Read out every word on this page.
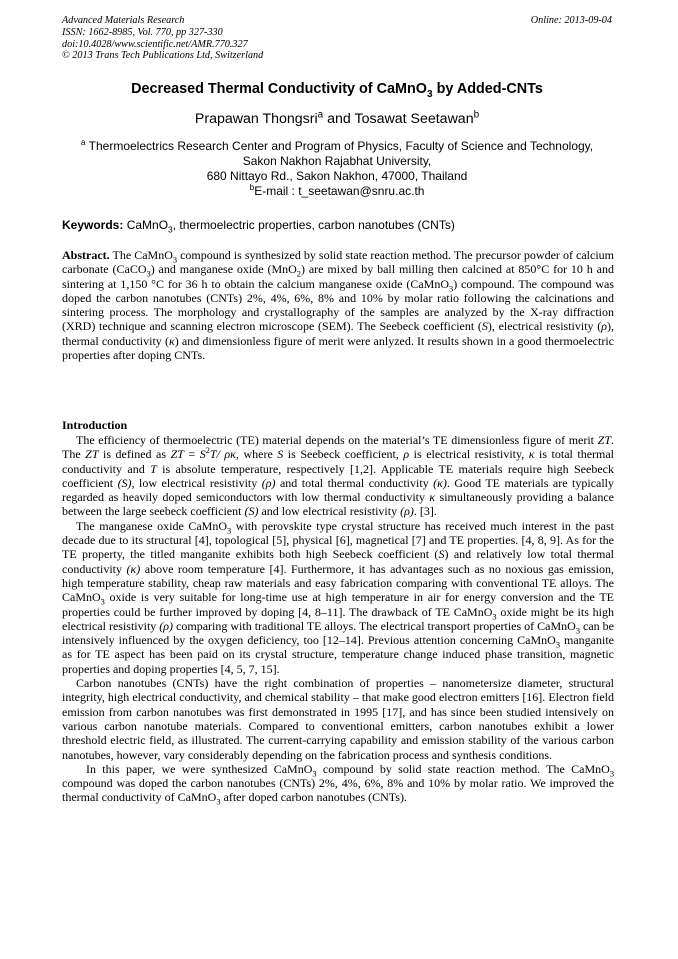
Advanced Materials Research
ISSN: 1662-8985, Vol. 770, pp 327-330
doi:10.4028/www.scientific.net/AMR.770.327
© 2013 Trans Tech Publications Ltd, Switzerland
Online: 2013-09-04
Decreased Thermal Conductivity of CaMnO$_3$ by Added-CNTs
Prapawan Thongsri$^a$ and Tosawat Seetawan$^b$
$^a$ Thermoelectrics Research Center and Program of Physics, Faculty of Science and Technology,
Sakon Nakhon Rajabhat University,
680 Nittayo Rd., Sakon Nakhon, 47000, Thailand
$^b$E-mail : t_seetawan@snru.ac.th
Keywords: CaMnO$_3$, thermoelectric properties, carbon nanotubes (CNTs)
Abstract. The CaMnO$_3$ compound is synthesized by solid state reaction method. The precursor powder of calcium carbonate (CaCO$_3$) and manganese oxide (MnO$_2$) are mixed by ball milling then calcined at 850°C for 10 h and sintering at 1,150 °C for 36 h to obtain the calcium manganese oxide (CaMnO$_3$) compound. The compound was doped the carbon nanotubes (CNTs) 2%, 4%, 6%, 8% and 10% by molar ratio following the calcinations and sintering process. The morphology and crystallography of the samples are analyzed by the X-ray diffraction (XRD) technique and scanning electron microscope (SEM). The Seebeck coefficient (S), electrical resistivity (ρ), thermal conductivity (κ) and dimensionless figure of merit were anlyzed. It results shown in a good thermoelectric properties after doping CNTs.
Introduction

The efficiency of thermoelectric (TE) material depends on the material’s TE dimensionless figure of merit ZT. The ZT is defined as ZT = $S^2T/$ ρκ, where S is Seebeck coefficient, ρ is electrical resistivity, κ is total thermal conductivity and T is absolute temperature, respectively [1,2]. Applicable TE materials require high Seebeck coefficient (S), low electrical resistivity (ρ) and total thermal conductivity (κ). Good TE materials are typically regarded as heavily doped semiconductors with low thermal conductivity κ simultaneously providing a balance between the large seebeck coefficient (S) and low electrical resistivity (ρ). [3].

The manganese oxide CaMnO$_3$ with perovskite type crystal structure has received much interest in the past decade due to its structural [4], topological [5], physical [6], magnetical [7] and TE properties. [4, 8, 9]. As for the TE property, the titled manganite exhibits both high Seebeck coefficient (S) and relatively low total thermal conductivity (κ) above room temperature [4]. Furthermore, it has advantages such as no noxious gas emission, high temperature stability, cheap raw materials and easy fabrication comparing with conventional TE alloys. The CaMnO$_3$ oxide is very suitable for long-time use at high temperature in air for energy conversion and the TE properties could be further improved by doping [4, 8–11]. The drawback of TE CaMnO$_3$ oxide might be its high electrical resistivity (ρ) comparing with traditional TE alloys. The electrical transport properties of CaMnO$_3$ can be intensively influenced by the oxygen deficiency, too [12–14]. Previous attention concerning CaMnO$_3$ manganite as for TE aspect has been paid on its crystal structure, temperature change induced phase transition, magnetic properties and doping properties [4, 5, 7, 15].

Carbon nanotubes (CNTs) have the right combination of properties – nanometersize diameter, structural integrity, high electrical conductivity, and chemical stability – that make good electron emitters [16]. Electron field emission from carbon nanotubes was first demonstrated in 1995 [17], and has since been studied intensively on various carbon nanotube materials. Compared to conventional emitters, carbon nanotubes exhibit a lower threshold electric field, as illustrated. The current-carrying capability and emission stability of the various carbon nanotubes, however, vary considerably depending on the fabrication process and synthesis conditions.

In this paper, we were synthesized CaMnO$_3$ compound by solid state reaction method. The CaMnO$_3$ compound was doped the carbon nanotubes (CNTs) 2%, 4%, 6%, 8% and 10% by molar ratio. We improved the thermal conductivity of CaMnO$_3$ after doped carbon nanotubes (CNTs).
